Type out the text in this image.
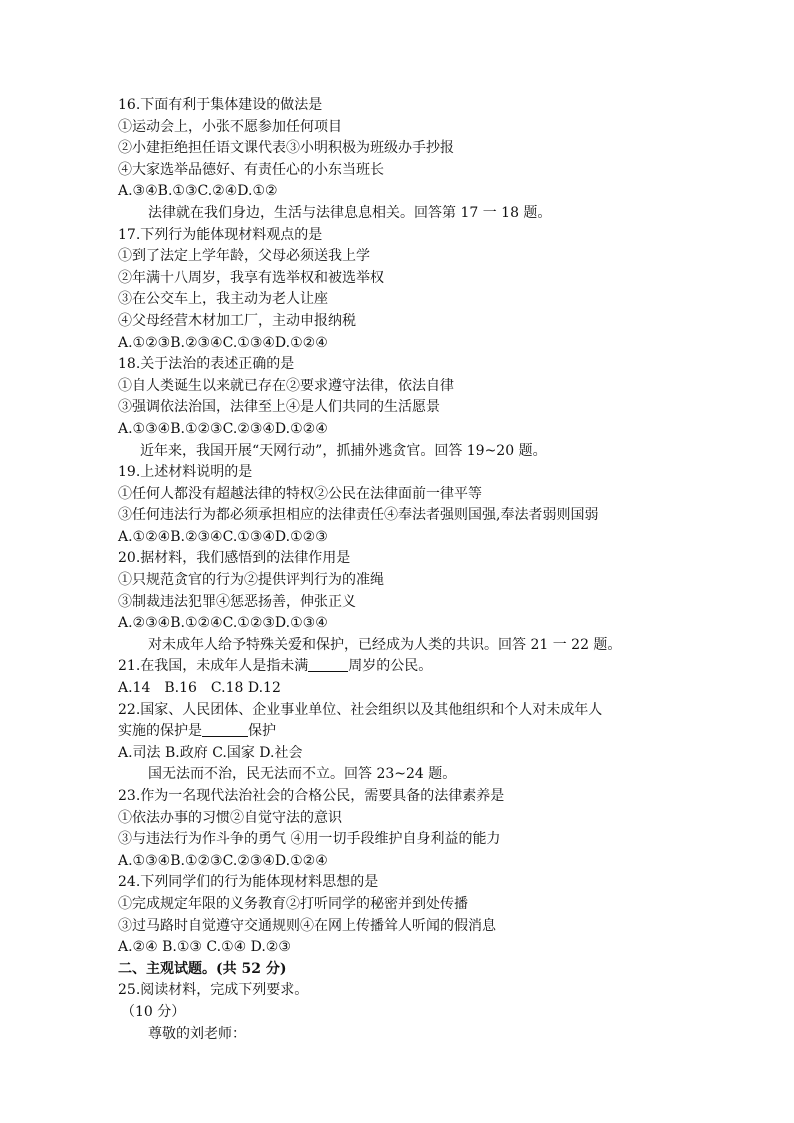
16.下面有利于集体建设的做法是
①运动会上，小张不愿参加任何项目
②小建拒绝担任语文课代表③小明积极为班级办手抄报
④大家选举品德好、有责任心的小东当班长
A.③④B.①③C.②④D.①②
法律就在我们身边，生活与法律息息相关。回答第 17 一 18 题。
17.下列行为能体现材料观点的是
①到了法定上学年龄，父母必须送我上学
②年满十八周岁，我享有选举权和被选举权
③在公交车上，我主动为老人让座
④父母经营木材加工厂，主动申报纳税
A.①②③B.②③④C.①③④D.①②④
18.关于法治的表述正确的是
①自人类诞生以来就已存在②要求遵守法律，依法自律
③强调依法治国，法律至上④是人们共同的生活愿景
A.①③④B.①②③C.②③④D.①②④
近年来，我国开展“天网行动”，抓捕外逃贪官。回答 19~20 题。
19.上述材料说明的是
①任何人都没有超越法律的特权②公民在法律面前一律平等
③任何违法行为都必须承担相应的法律责任④奉法者强则国强,奉法者弱则国弱
A.①②④B.②③④C.①③④D.①②③
20.据材料，我们感悟到的法律作用是
①只规范贪官的行为②提供评判行为的准绳
③制裁违法犯罪④惩恶扬善，伸张正义
A.②③④B.①②④C.①②③D.①③④
对未成年人给予特殊关爱和保护，已经成为人类的共识。回答 21 一 22 题。
21.在我国，未成年人是指未满	周岁的公民。
A.14　B.16　C.18 D.12
22.国家、人民团体、企业事业单位、社会组织以及其他组织和个人对未成年人
实施的保护是	保护
A.司法 B.政府 C.国家 D.社会
国无法而不治，民无法而不立。回答 23~24 题。
23.作为一名现代法治社会的合格公民，需要具备的法律素养是
①依法办事的习惯②自觉守法的意识
③与违法行为作斗争的勇气 ④用一切手段维护自身利益的能力
A.①③④B.①②③C.②③④D.①②④
24.下列同学们的行为能体现材料思想的是
①完成规定年限的义务教育②打听同学的秘密并到处传播
③过马路时自觉遵守交通规则④在网上传播耸人听闻的假消息
A.②④ B.①③ C.①④ D.②③
二、主观试题。(共 52 分)
25.阅读材料，完成下列要求。
（10 分）
尊敬的刘老师：
